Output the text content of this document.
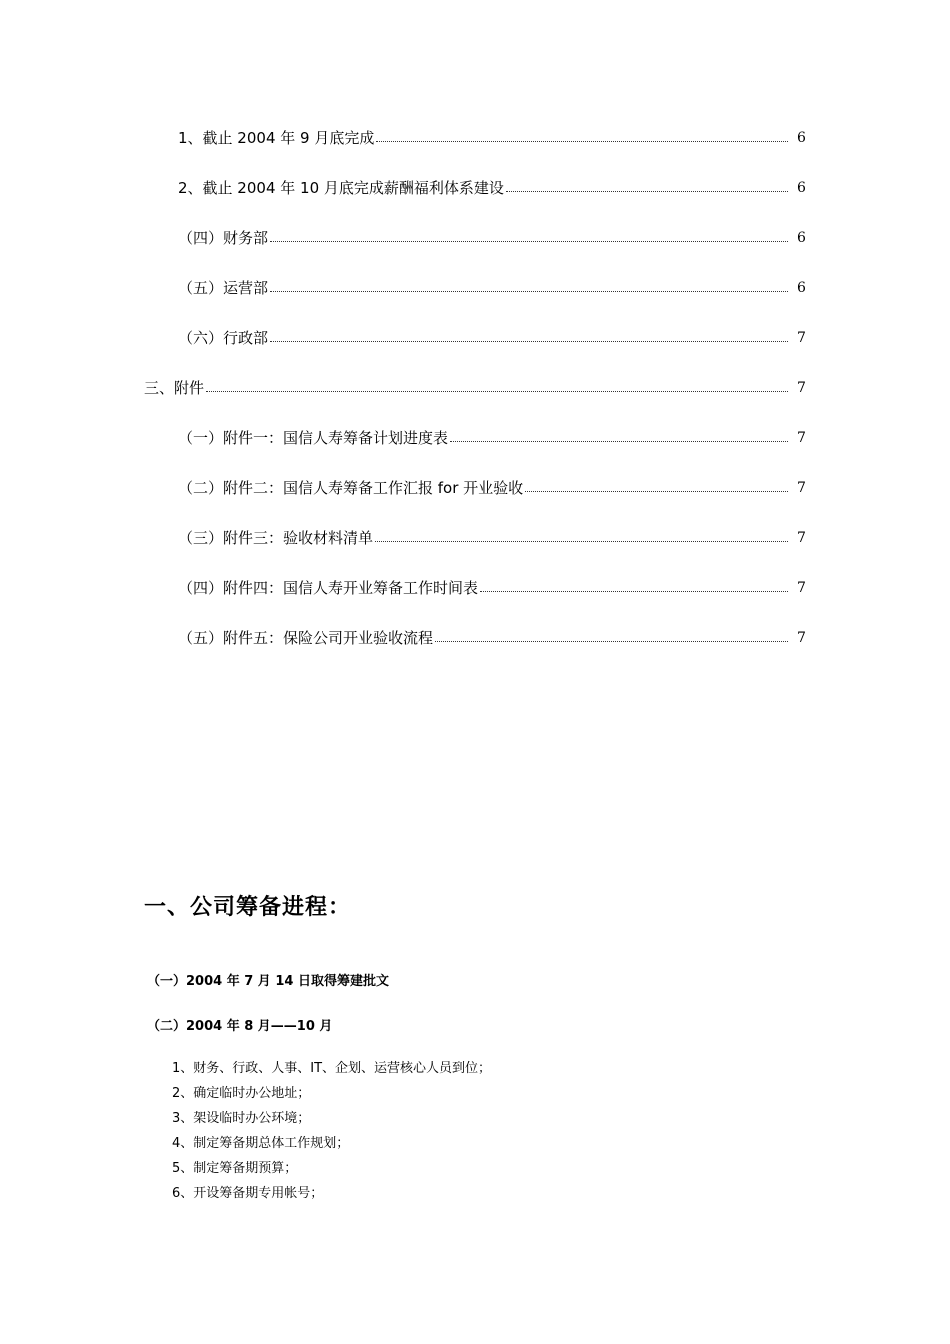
1、截止 2004 年 9 月底完成	6
2、截止 2004 年 10 月底完成薪酬福利体系建设	6
（四）财务部	6
（五）运营部	6
（六）行政部	7
三、附件	7
（一）附件一：国信人寿筹备计划进度表	7
（二）附件二：国信人寿筹备工作汇报 for 开业验收	7
（三）附件三：验收材料清单	7
（四）附件四：国信人寿开业筹备工作时间表	7
（五）附件五：保险公司开业验收流程	7
一、公司筹备进程：
（一）2004 年 7 月 14 日取得筹建批文
（二）2004 年 8 月——10 月
1、财务、行政、人事、IT、企划、运营核心人员到位；
2、确定临时办公地址；
3、架设临时办公环境；
4、制定筹备期总体工作规划；
5、制定筹备期预算；
6、开设筹备期专用帐号；
